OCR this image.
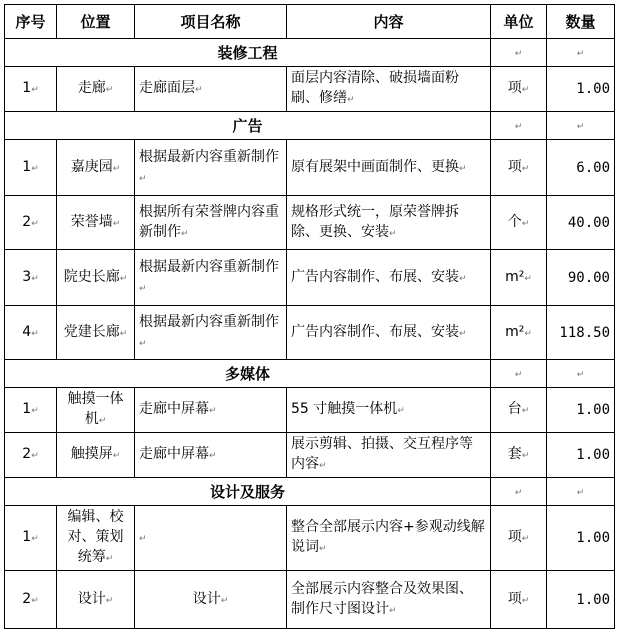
序号	位置	项目名称	内容	单位	数量
装修工程				↵	↵
1↵	走廊↵	走廊面层↵	面层内容清除、破损墙面粉刷、修缮↵	项↵	1.00
广告				↵	↵
1↵	嘉庚园↵	根据最新内容重新制作↵	原有展架中画面制作、更换↵	项↵	6.00
2↵	荣誉墙↵	根据所有荣誉牌内容重新制作↵	规格形式统一，原荣誉牌拆除、更换、安装↵	个↵	40.00
3↵	院史长廊↵	根据最新内容重新制作↵	广告内容制作、布展、安装↵	m²↵	90.00
4↵	党建长廊↵	根据最新内容重新制作↵	广告内容制作、布展、安装↵	m²↵	118.50
多媒体				↵	↵
1↵	触摸一体机↵	走廊中屏幕↵	55 寸触摸一体机↵	台↵	1.00
2↵	触摸屏↵	走廊中屏幕↵	展示剪辑、拍摄、交互程序等内容↵	套↵	1.00
设计及服务				↵	↵
1↵	编辑、校对、策划统筹↵	↵	整合全部展示内容+参观动线解说词↵	项↵	1.00
2↵	设计↵	设计↵	全部展示内容整合及效果图、制作尺寸图设计↵	项↵	1.00
